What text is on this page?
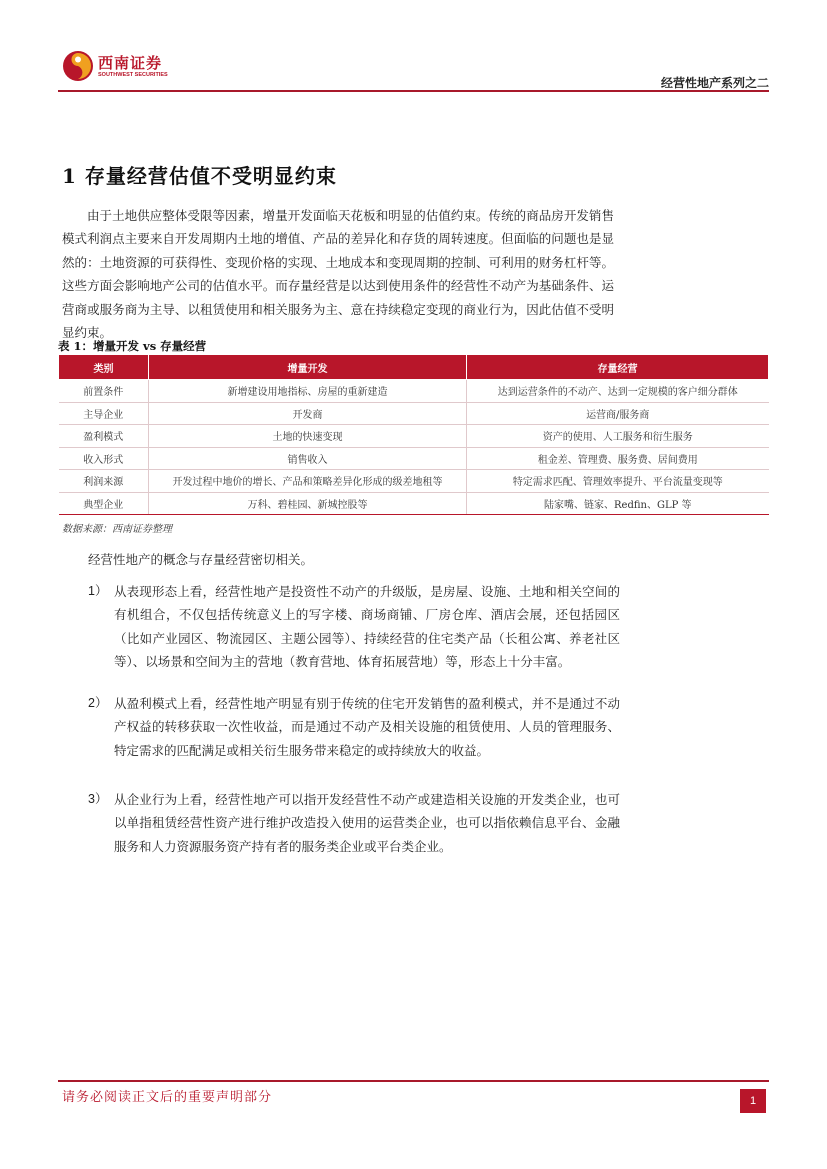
西南证券
SOUTHWEST SECURITIES
经营性地产系列之二
1 存量经营估值不受明显约束
由于土地供应整体受限等因素，增量开发面临天花板和明显的估值约束。传统的商品房开发销售模式利润点主要来自开发周期内土地的增值、产品的差异化和存货的周转速度。但面临的问题也是显然的：土地资源的可获得性、变现价格的实现、土地成本和变现周期的控制、可利用的财务杠杆等。这些方面会影响地产公司的估值水平。而存量经营是以达到使用条件的经营性不动产为基础条件、运营商或服务商为主导、以租赁使用和相关服务为主、意在持续稳定变现的商业行为，因此估值不受明显约束。
表 1：增量开发 vs 存量经营
类别	增量开发	存量经营
前置条件	新增建设用地指标、房屋的重新建造	达到运营条件的不动产、达到一定规模的客户细分群体
主导企业	开发商	运营商/服务商
盈利模式	土地的快速变现	资产的使用、人工服务和衍生服务
收入形式	销售收入	租金差、管理费、服务费、居间费用
利润来源	开发过程中地价的增长、产品和策略差异化形成的级差地租等	特定需求匹配、管理效率提升、平台流量变现等
典型企业	万科、碧桂园、新城控股等	陆家嘴、链家、Redfin、GLP 等
数据来源：西南证券整理
经营性地产的概念与存量经营密切相关。
1） 从表现形态上看，经营性地产是投资性不动产的升级版，是房屋、设施、土地和相关空间的有机组合，不仅包括传统意义上的写字楼、商场商铺、厂房仓库、酒店会展，还包括园区（比如产业园区、物流园区、主题公园等）、持续经营的住宅类产品（长租公寓、养老社区等）、以场景和空间为主的营地（教育营地、体育拓展营地）等，形态上十分丰富。
2） 从盈利模式上看，经营性地产明显有别于传统的住宅开发销售的盈利模式，并不是通过不动产权益的转移获取一次性收益，而是通过不动产及相关设施的租赁使用、人员的管理服务、特定需求的匹配满足或相关衍生服务带来稳定的或持续放大的收益。
3） 从企业行为上看，经营性地产可以指开发经营性不动产或建造相关设施的开发类企业，也可以单指租赁经营性资产进行维护改造投入使用的运营类企业，也可以指依赖信息平台、金融服务和人力资源服务资产持有者的服务类企业或平台类企业。
请务必阅读正文后的重要声明部分	1
